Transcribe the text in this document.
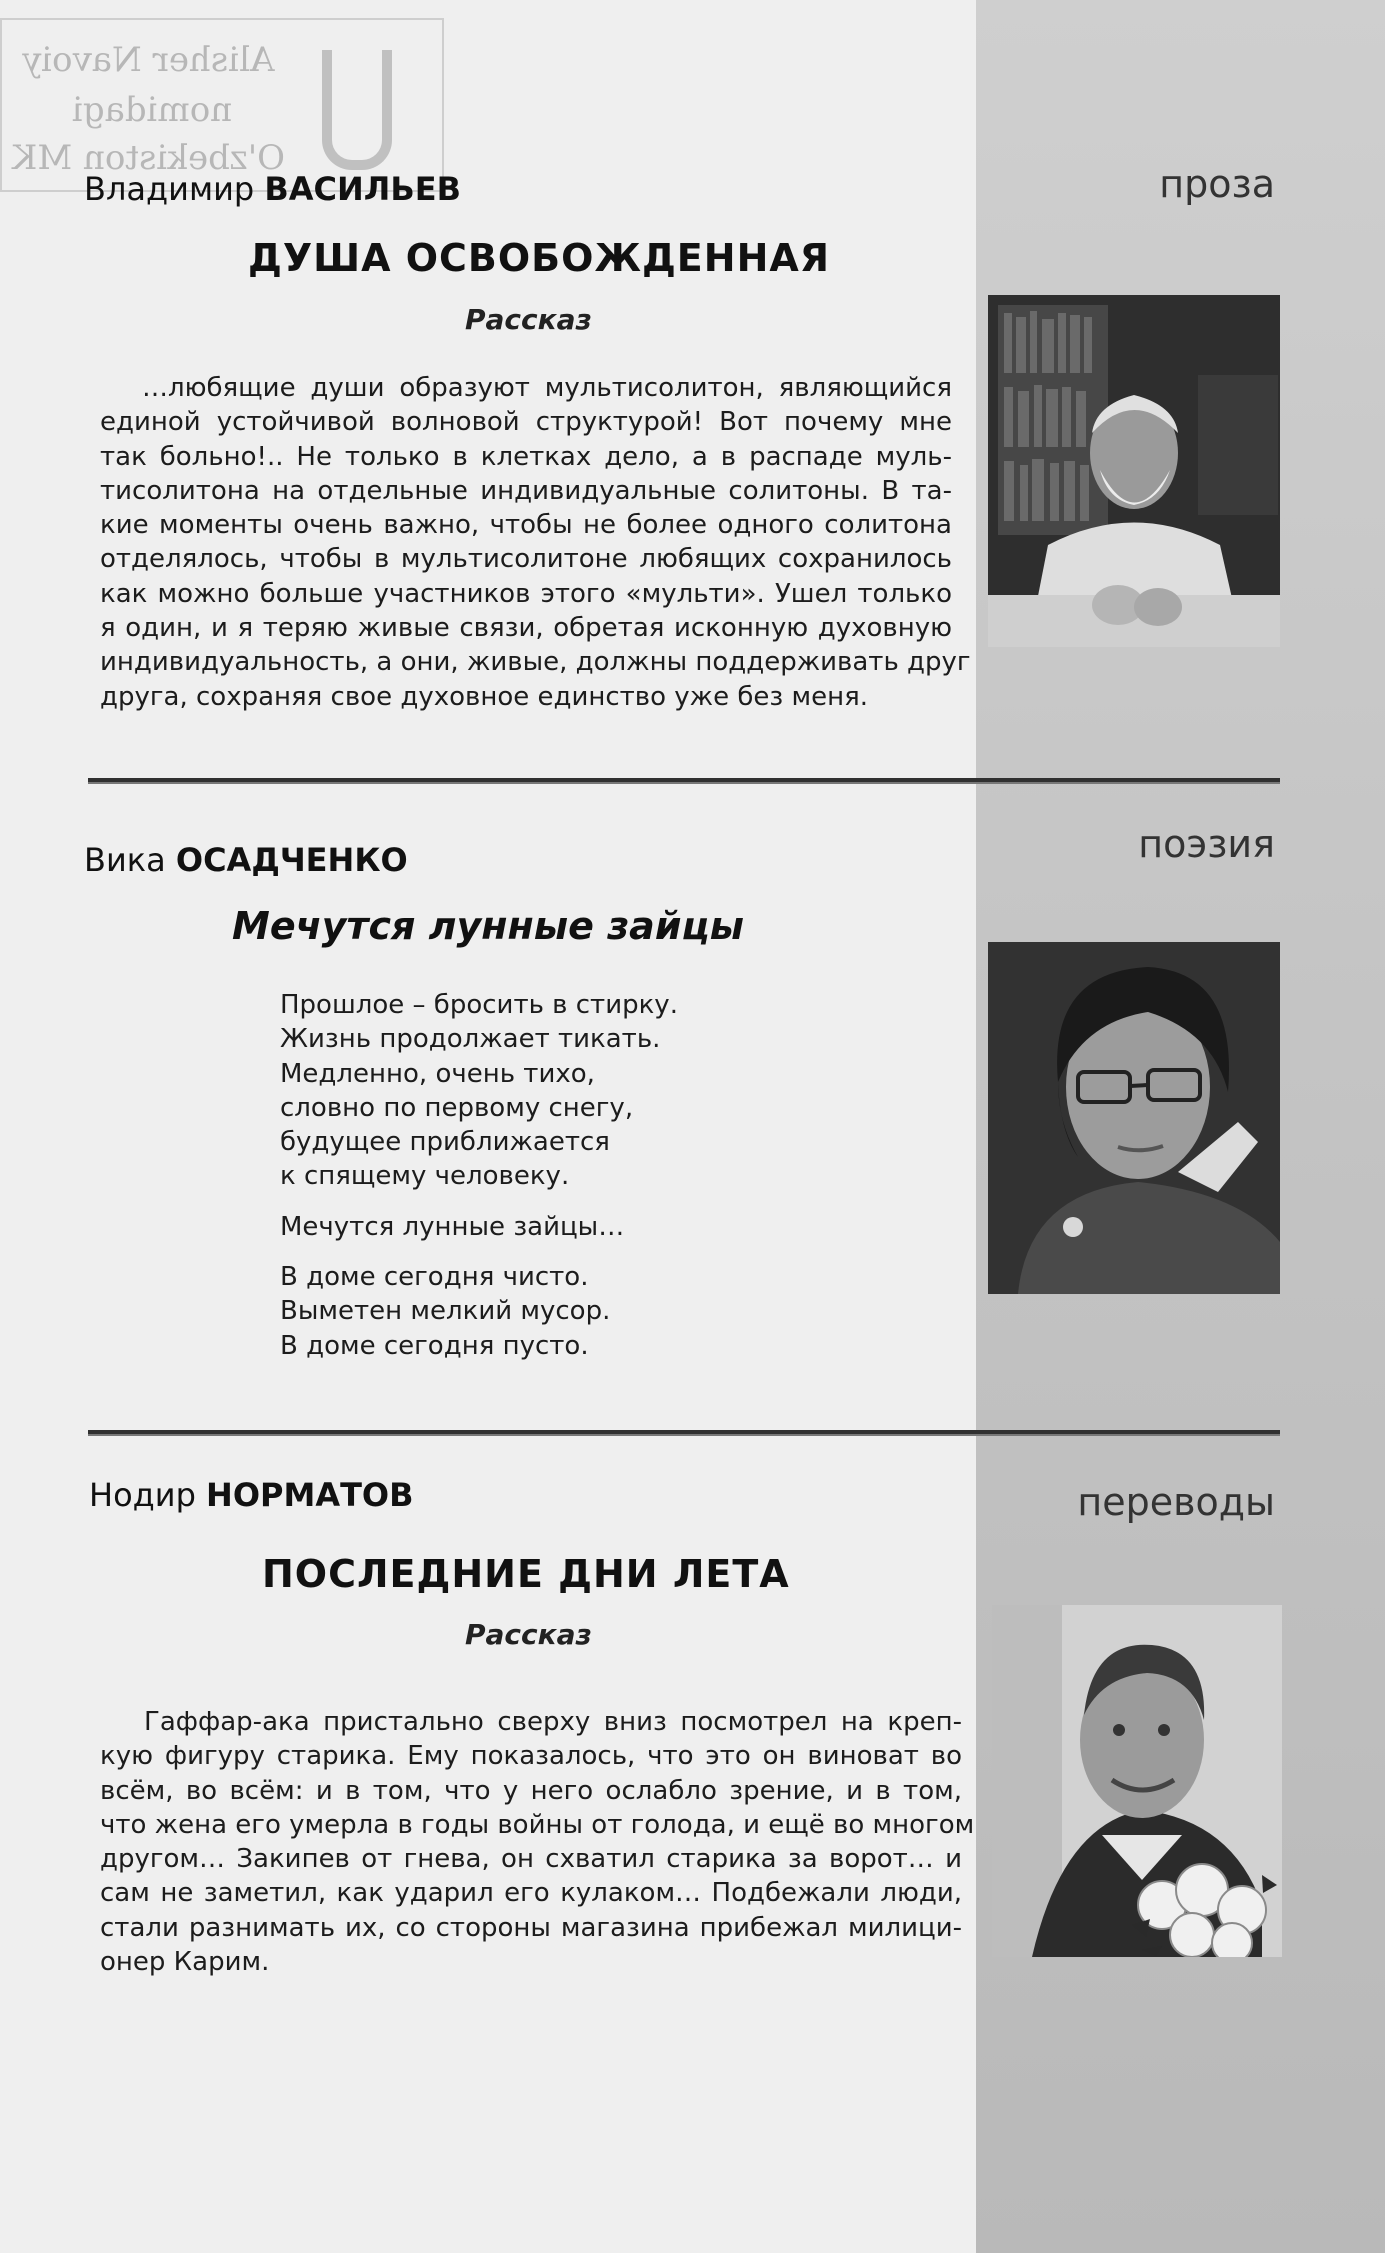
Alisher Navoiy
nomidagi
O'zbekiston MK
проза
Владимир ВАСИЛЬЕВ
ДУША ОСВОБОЖДЕННАЯ
Рассказ
…любящие души образуют мультисолитон, являющийся
единой устойчивой волновой структурой! Вот почему мне
так больно!.. Не только в клетках дело, а в распаде муль-
тисолитона на отдельные индивидуальные солитоны. В та-
кие моменты очень важно, чтобы не более одного солитона
отделялось, чтобы в мультисолитоне любящих сохранилось
как можно больше участников этого «мульти». Ушел только
я один, и я теряю живые связи, обретая исконную духовную
индивидуальность, а они, живые, должны поддерживать друг
друга, сохраняя свое духовное единство уже без меня.
поэзия
Вика ОСАДЧЕНКО
Мечутся лунные зайцы
Прошлое – бросить в стирку.
Жизнь продолжает тикать.
Медленно, очень тихо,
словно по первому снегу,
будущее приближается
к спящему человеку.
Мечутся лунные зайцы…
В доме сегодня чисто.
Выметен мелкий мусор.
В доме сегодня пусто.
переводы
Нодир НОРМАТОВ
ПОСЛЕДНИЕ ДНИ ЛЕТА
Рассказ
Гаффар-ака пристально сверху вниз посмотрел на креп-
кую фигуру старика. Ему показалось, что это он виноват во
всём, во всём: и в том, что у него ослабло зрение, и в том,
что жена его умерла в годы войны от голода, и ещё во многом
другом… Закипев от гнева, он схватил старика за ворот… и
сам не заметил, как ударил его кулаком… Подбежали люди,
стали разнимать их, со стороны магазина прибежал милици-
онер Карим.
